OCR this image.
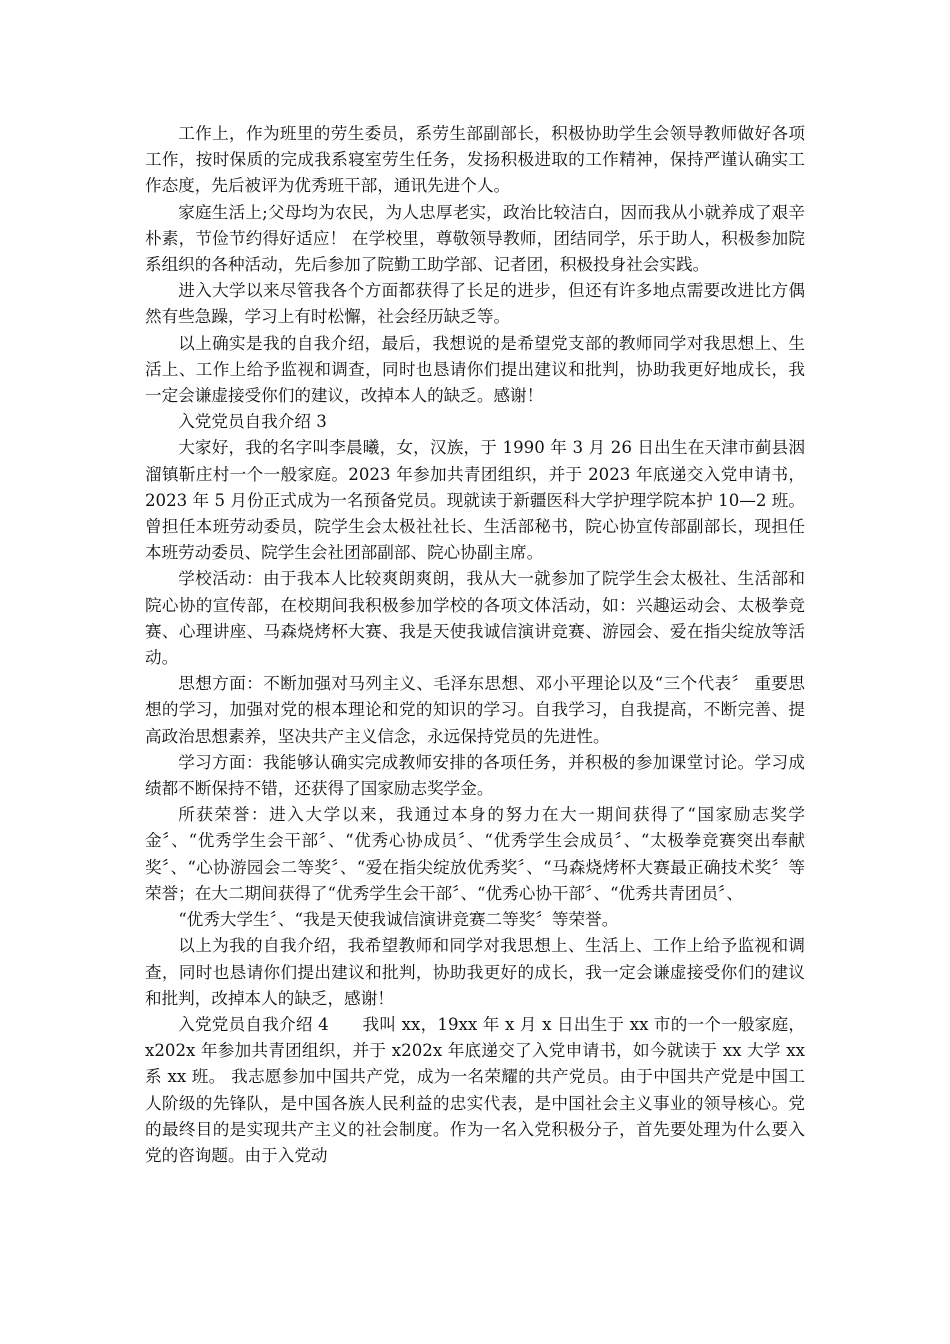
工作上，作为班里的劳生委员，系劳生部副部长，积极协助学生会领导教师做好各项工作，按时保质的完成我系寝室劳生任务，发扬积极进取的工作精神，保持严谨认确实工作态度，先后被评为优秀班干部，通讯先进个人。

家庭生活上;父母均为农民，为人忠厚老实，政治比较洁白，因而我从小就养成了艰辛朴素，节俭节约得好适应！ 在学校里，尊敬领导教师，团结同学，乐于助人，积极参加院系组织的各种活动，先后参加了院勤工助学部、记者团，积极投身社会实践。

进入大学以来尽管我各个方面都获得了长足的进步，但还有许多地点需要改进比方偶然有些急躁，学习上有时松懈，社会经历缺乏等。

以上确实是我的自我介绍，最后，我想说的是希望党支部的教师同学对我思想上、生活上、工作上给予监视和调查，同时也恳请你们提出建议和批判，协助我更好地成长，我一定会谦虚接受你们的建议，改掉本人的缺乏。感谢！

入党党员自我介绍 3

大家好，我的名字叫李晨曦，女，汉族，于 1990 年 3 月 26 日出生在天津市蓟县洇溜镇靳庄村一个一般家庭。2023 年参加共青团组织，并于 2023 年底递交入党申请书，2023 年 5 月份正式成为一名预备党员。现就读于新疆医科大学护理学院本护 10—2 班。曾担任本班劳动委员，院学生会太极社社长、生活部秘书，院心协宣传部副部长，现担任本班劳动委员、院学生会社团部副部、院心协副主席。

学校活动：由于我本人比较爽朗爽朗，我从大一就参加了院学生会太极社、生活部和院心协的宣传部，在校期间我积极参加学校的各项文体活动，如：兴趣运动会、太极拳竞赛、心理讲座、马森烧烤杯大赛、我是天使我诚信演讲竞赛、游园会、爱在指尖绽放等活动。

思想方面：不断加强对马列主义、毛泽东思想、邓小平理论以及“三个代表〞 重要思想的学习，加强对党的根本理论和党的知识的学习。自我学习，自我提高，不断完善、提高政治思想素养，坚决共产主义信念，永远保持党员的先进性。

学习方面：我能够认确实完成教师安排的各项任务，并积极的参加课堂讨论。学习成绩都不断保持不错，还获得了国家励志奖学金。

所获荣誉：进入大学以来，我通过本身的努力在大一期间获得了“国家励志奖学金〞、“优秀学生会干部〞、“优秀心协成员〞、“优秀学生会成员〞、“太极拳竞赛突出奉献奖〞、“心协游园会二等奖〞、“爱在指尖绽放优秀奖〞、“马森烧烤杯大赛最正确技术奖〞等荣誉；在大二期间获得了“优秀学生会干部〞、“优秀心协干部〞、“优秀共青团员〞、

“优秀大学生〞、“我是天使我诚信演讲竞赛二等奖〞等荣誉。

以上为我的自我介绍，我希望教师和同学对我思想上、生活上、工作上给予监视和调查，同时也恳请你们提出建议和批判，协助我更好的成长，我一定会谦虚接受你们的建议和批判，改掉本人的缺乏，感谢！

入党党员自我介绍 4　　我叫 xx，19xx 年 x 月 x 日出生于 xx 市的一个一般家庭，x202x 年参加共青团组织，并于 x202x 年底递交了入党申请书，如今就读于 xx 大学 xx 系 xx 班。 我志愿参加中国共产党，成为一名荣耀的共产党员。由于中国共产党是中国工人阶级的先锋队，是中国各族人民利益的忠实代表，是中国社会主义事业的领导核心。党的最终目的是实现共产主义的社会制度。作为一名入党积极分子，首先要处理为什么要入党的咨询题。由于入党动
